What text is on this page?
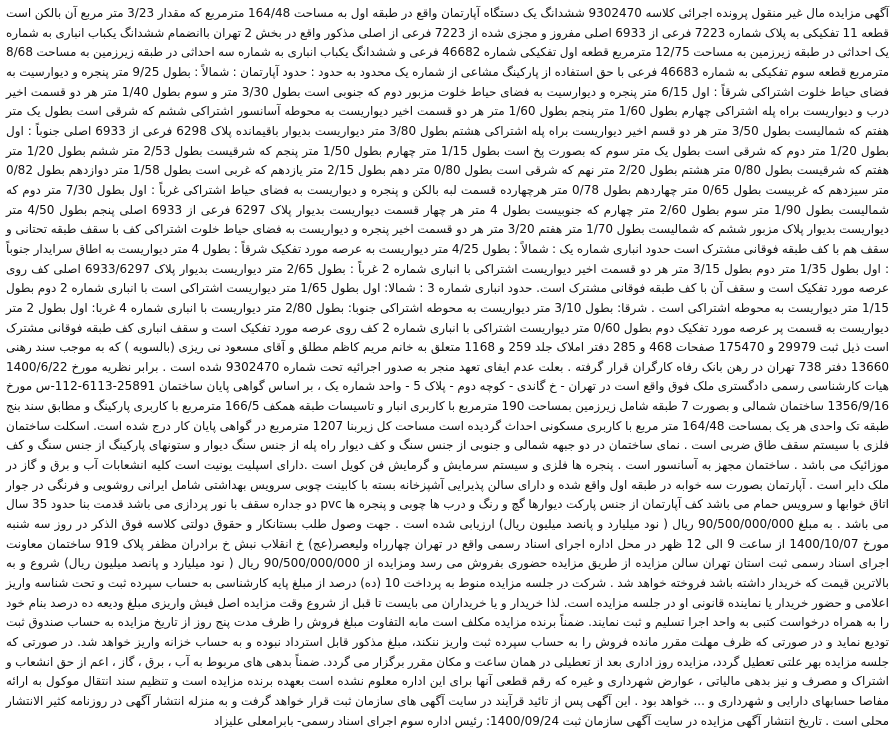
آگهی مزایده مال غیر منقول پرونده اجرائی کلاسه 9302470 ششدانگ یک دستگاه آپارتمان واقع در طبقه اول به مساحت 164/48 مترمربع که مقدار 3/23 متر مربع آن بالکن است قطعه 11 تفکیکی به پلاک شماره 7223 فرعی از 6933 اصلی مفروز و مجزی شده از 7223 فرعی از اصلی مذکور واقع در بخش 2 تهران باانضمام ششدانگ یکباب انباری به شماره یک احداثی در طبقه زیرزمین به مساحت 12/75 مترمربع قطعه اول تفکیکی شماره 46682 فرعی و ششدانگ یکباب انباری به شماره سه احداثی در طبقه زیرزمین به مساحت 8/68 مترمربع قطعه سوم تفکیکی به شماره 46683 فرعی با حق استفاده از پارکینگ مشاعی از شماره یک محدود به حدود : حدود آپارتمان : شمالاً : بطول 9/25 متر پنجره و دیوارسیت به فضای حیاط خلوت اشتراکی شرقاً : اول 6/15 متر پنجره و دیوارسیت به فضای حیاط خلوت مزبور دوم که جنوبی است بطول 3/30 متر و سوم بطول 1/40 متر هر دو قسمت اخیر درب و دیواریست براه پله اشتراکی چهارم بطول 1/60 متر پنجم بطول 1/60 متر هر دو قسمت اخیر دیواریست به محوطه آسانسور اشتراکی ششم که شرقی است بطول یک متر هفتم که شمالیست بطول 3/50 متر هر دو قسم اخیر دیواریست براه پله اشتراکی هشتم بطول 3/80 متر دیواریست بدیوار باقیمانده پلاک 6298 فرعی از 6933 اصلی جنوباً : اول بطول 1/20 متر دوم که شرقی است بطول یک متر سوم که بصورت پخ است بطول 1/15 متر چهارم بطول 1/50 متر پنجم که شرقیست بطول 2/53 متر ششم بطول 1/20 متر هفتم که شرقیست بطول 0/80 متر هشتم بطول 2/20 متر نهم که شرقی است بطول 0/80 متر دهم بطول 2/15 متر یازدهم که غربی است بطول 1/58 متر دوازدهم بطول 0/82 متر سیزدهم که غربیست بطول 0/65 متر چهاردهم بطول 0/78 متر هرچهارده قسمت لبه بالکن و پنجره و دیواریست به فضای حیاط اشتراکی غرباً : اول بطول 7/30 متر دوم که شمالیست بطول 1/90 متر سوم بطول 2/60 متر چهارم که جنوبیست بطول 4 متر هر چهار قسمت دیواریست بدیوار پلاک 6297 فرعی از 6933 اصلی پنجم بطول 4/50 متر دیواریست بدیوار پلاک مزبور ششم که شمالیست بطول 1/70 متر هفتم 3/20 متر هر دو قسمت اخیر پنجره و دیواریست به فضای حیاط خلوت اشتراکی کف با سقف طبقه تحتانی و سقف هم با کف طبقه فوقانی مشترک است حدود انباری شماره یک : شمالاً : بطول 4/25 متر دیواریست به عرصه مورد تفکیک شرقاً : بطول 4 متر دیواریست به اطاق سرایدار جنوباً : اول بطول 1/35 متر دوم بطول 3/15 متر هر دو قسمت اخیر دیواریست اشتراکی با انباری شماره 2 غرباً : بطول 2/65 متر دیواریست بدیوار پلاک 6933/6297 اصلی کف روی عرصه مورد تفکیک است و سقف آن با کف طبقه فوقانی مشترک است. حدود انباری شماره 3 : شمالا: اول بطول 1/65 متر دیواریست اشتراکی است با انباری شماره 2 دوم بطول 1/15 متر دیواریست به محوطه اشتراکی است . شرقا: بطول 3/10 متر دیواریست به محوطه اشتراکی جنوبا: بطول 2/80 متر دیواریست با انباری شماره 4 غربا: اول بطول 2 متر دیواریست به قسمت پر عرصه مورد تفکیک دوم بطول 0/60 متر دیواریست اشتراکی با انباری شماره 2 کف روی عرصه مورد تفکیک است و سقف انباری کف طبقه فوقانی مشترک است ذیل ثبت 29979 و 175470 صفحات 468 و 285 دفتر املاک جلد 259 و 1168 متعلق به خانم مریم کاظم مطلق و آقای مسعود نی ریزی (بالسویه ) که به موجب سند رهنی 13660 دفتر 738 تهران در رهن بانک رفاه کارگران قرار گرفته . بعلت عدم ایفای تعهد منجر به صدور اجرائیه تحت شماره 9302470 شده است . برابر نظریه مورخ 1400/6/22 هیات کارشناسی رسمی دادگستری ملک فوق واقع است در تهران - خ گاندی - کوچه دوم - پلاک 5 - واحد شماره یک ، بر اساس گواهی پایان ساختمان 25891-6113-112-س مورخ 1356/9/16 ساختمان شمالی و بصورت 7 طبقه شامل زیرزمین بمساحت 190 مترمربع با کاربری انبار و تاسیسات طبقه همکف 166/5 مترمربع با کاربری پارکینگ و مطابق سند بنج طبقه تک واحدی هر یک بمساحت 164/48 متر مربع با کاربری مسکونی احداث گردیده است مساحت کل زیربنا 1207 مترمربع در گواهی پایان کار درج شده است. اسکلت ساختمان فلزی با سیستم سقف طاق ضربی است . نمای ساختمان در دو جبهه شمالی و جنوبی از جنس سنگ و کف دیوار راه پله از جنس سنگ دیوار و ستونهای پارکینگ از جنس سنگ و کف موزائیک می باشد . ساختمان مجهز به آسانسور است . پنجره ها فلزی و سیستم سرمایش و گرمایش فن کویل است .دارای اسپلیت یونیت است کلیه انشعابات آب و برق و گاز در ملک دایر است . آپارتمان بصورت سه خوابه در طبقه اول واقع شده و دارای سالن پذیرایی آشپزخانه بسته با کابینت چوبی سرویس بهداشتی شامل ایرانی روشویی و فرنگی در جوار اتاق خوابها و سرویس حمام می باشد کف آپارتمان از جنس پارکت دیوارها گچ و رنگ و درب ها چوبی و پنجره ها pvc دو جداره سقف با نور پردازی می باشد قدمت بنا حدود 35 سال می باشد . به مبلغ 90/500/000/000 ریال ( نود میلیارد و پانصد میلیون ریال) ارزیابی شده است . جهت وصول طلب بستانکار و حقوق دولتی کلاسه فوق الذکر در روز سه شنبه مورخ 1400/10/07 از ساعت 9 الی 12 ظهر در محل اداره اجرای اسناد رسمی واقع در تهران چهارراه ولیعصر(عج) خ انقلاب نبش خ برادران مظفر پلاک 919 ساختمان معاونت اجرای اسناد رسمی ثبت استان تهران سالن مزایده از طریق مزایده حضوری بفروش می رسد ومزایده از 90/500/000/000 ریال ( نود میلیارد و پانصد میلیون ریال) شروع و به بالاترین قیمت که خریدار داشته باشد فروخته خواهد شد . شرکت در جلسه مزایده منوط به پرداخت 10 (ده) درصد از مبلغ پایه کارشناسی به حساب سپرده ثبت و تحت شناسه واریز اعلامی و حضور خریدار یا نماینده قانونی او در جلسه مزایده است. لذا خریدار و یا خریداران می بایست تا قبل از شروع وقت مزایده اصل فیش واریزی مبلغ ودیعه ده درصد بنام خود را به همراه درخواست کتبی به واحد اجرا تسلیم و ثبت نمایند. ضمناً برنده مزایده مکلف است مابه التفاوت مبلغ فروش را ظرف مدت پنج روز از تاریخ مزایده به حساب صندوق ثبت تودیع نماید و در صورتی که ظرف مهلت مقرر مانده فروش را به حساب سپرده ثبت واریز ننکند، مبلغ مذکور قابل استرداد نبوده و به حساب خزانه واریز خواهد شد. در صورتی که جلسه مزایده بهر علتی تعطیل گردد، مزایده روز اداری بعد از تعطیلی در همان ساعت و مکان مقرر برگزار می گردد. ضمناً بدهی های مربوط به آب ، برق ، گاز ، اعم از حق انشعاب و اشتراک و مصرف و نیز بدهی مالیاتی ، عوارض شهرداری و غیره که رقم قطعی آنها برای این اداره معلوم نشده است بعهده برنده مزایده است و تنظیم سند انتقال موکول به ارائه مفاصا حسابهای دارایی و شهرداری و ... خواهد بود . این آگهی پس از تائید قرآیند در سایت آگهی های سازمان ثبت قرار خواهد گرفت و به منزله انتشار آگهی در روزنامه کثیر الانتشار محلی است . تاریخ انتشار آگهی مزایده در سایت آگهی سازمان ثبت 1400/09/24: رئیس اداره سوم اجرای اسناد رسمی- بابرامعلی علیزاد
